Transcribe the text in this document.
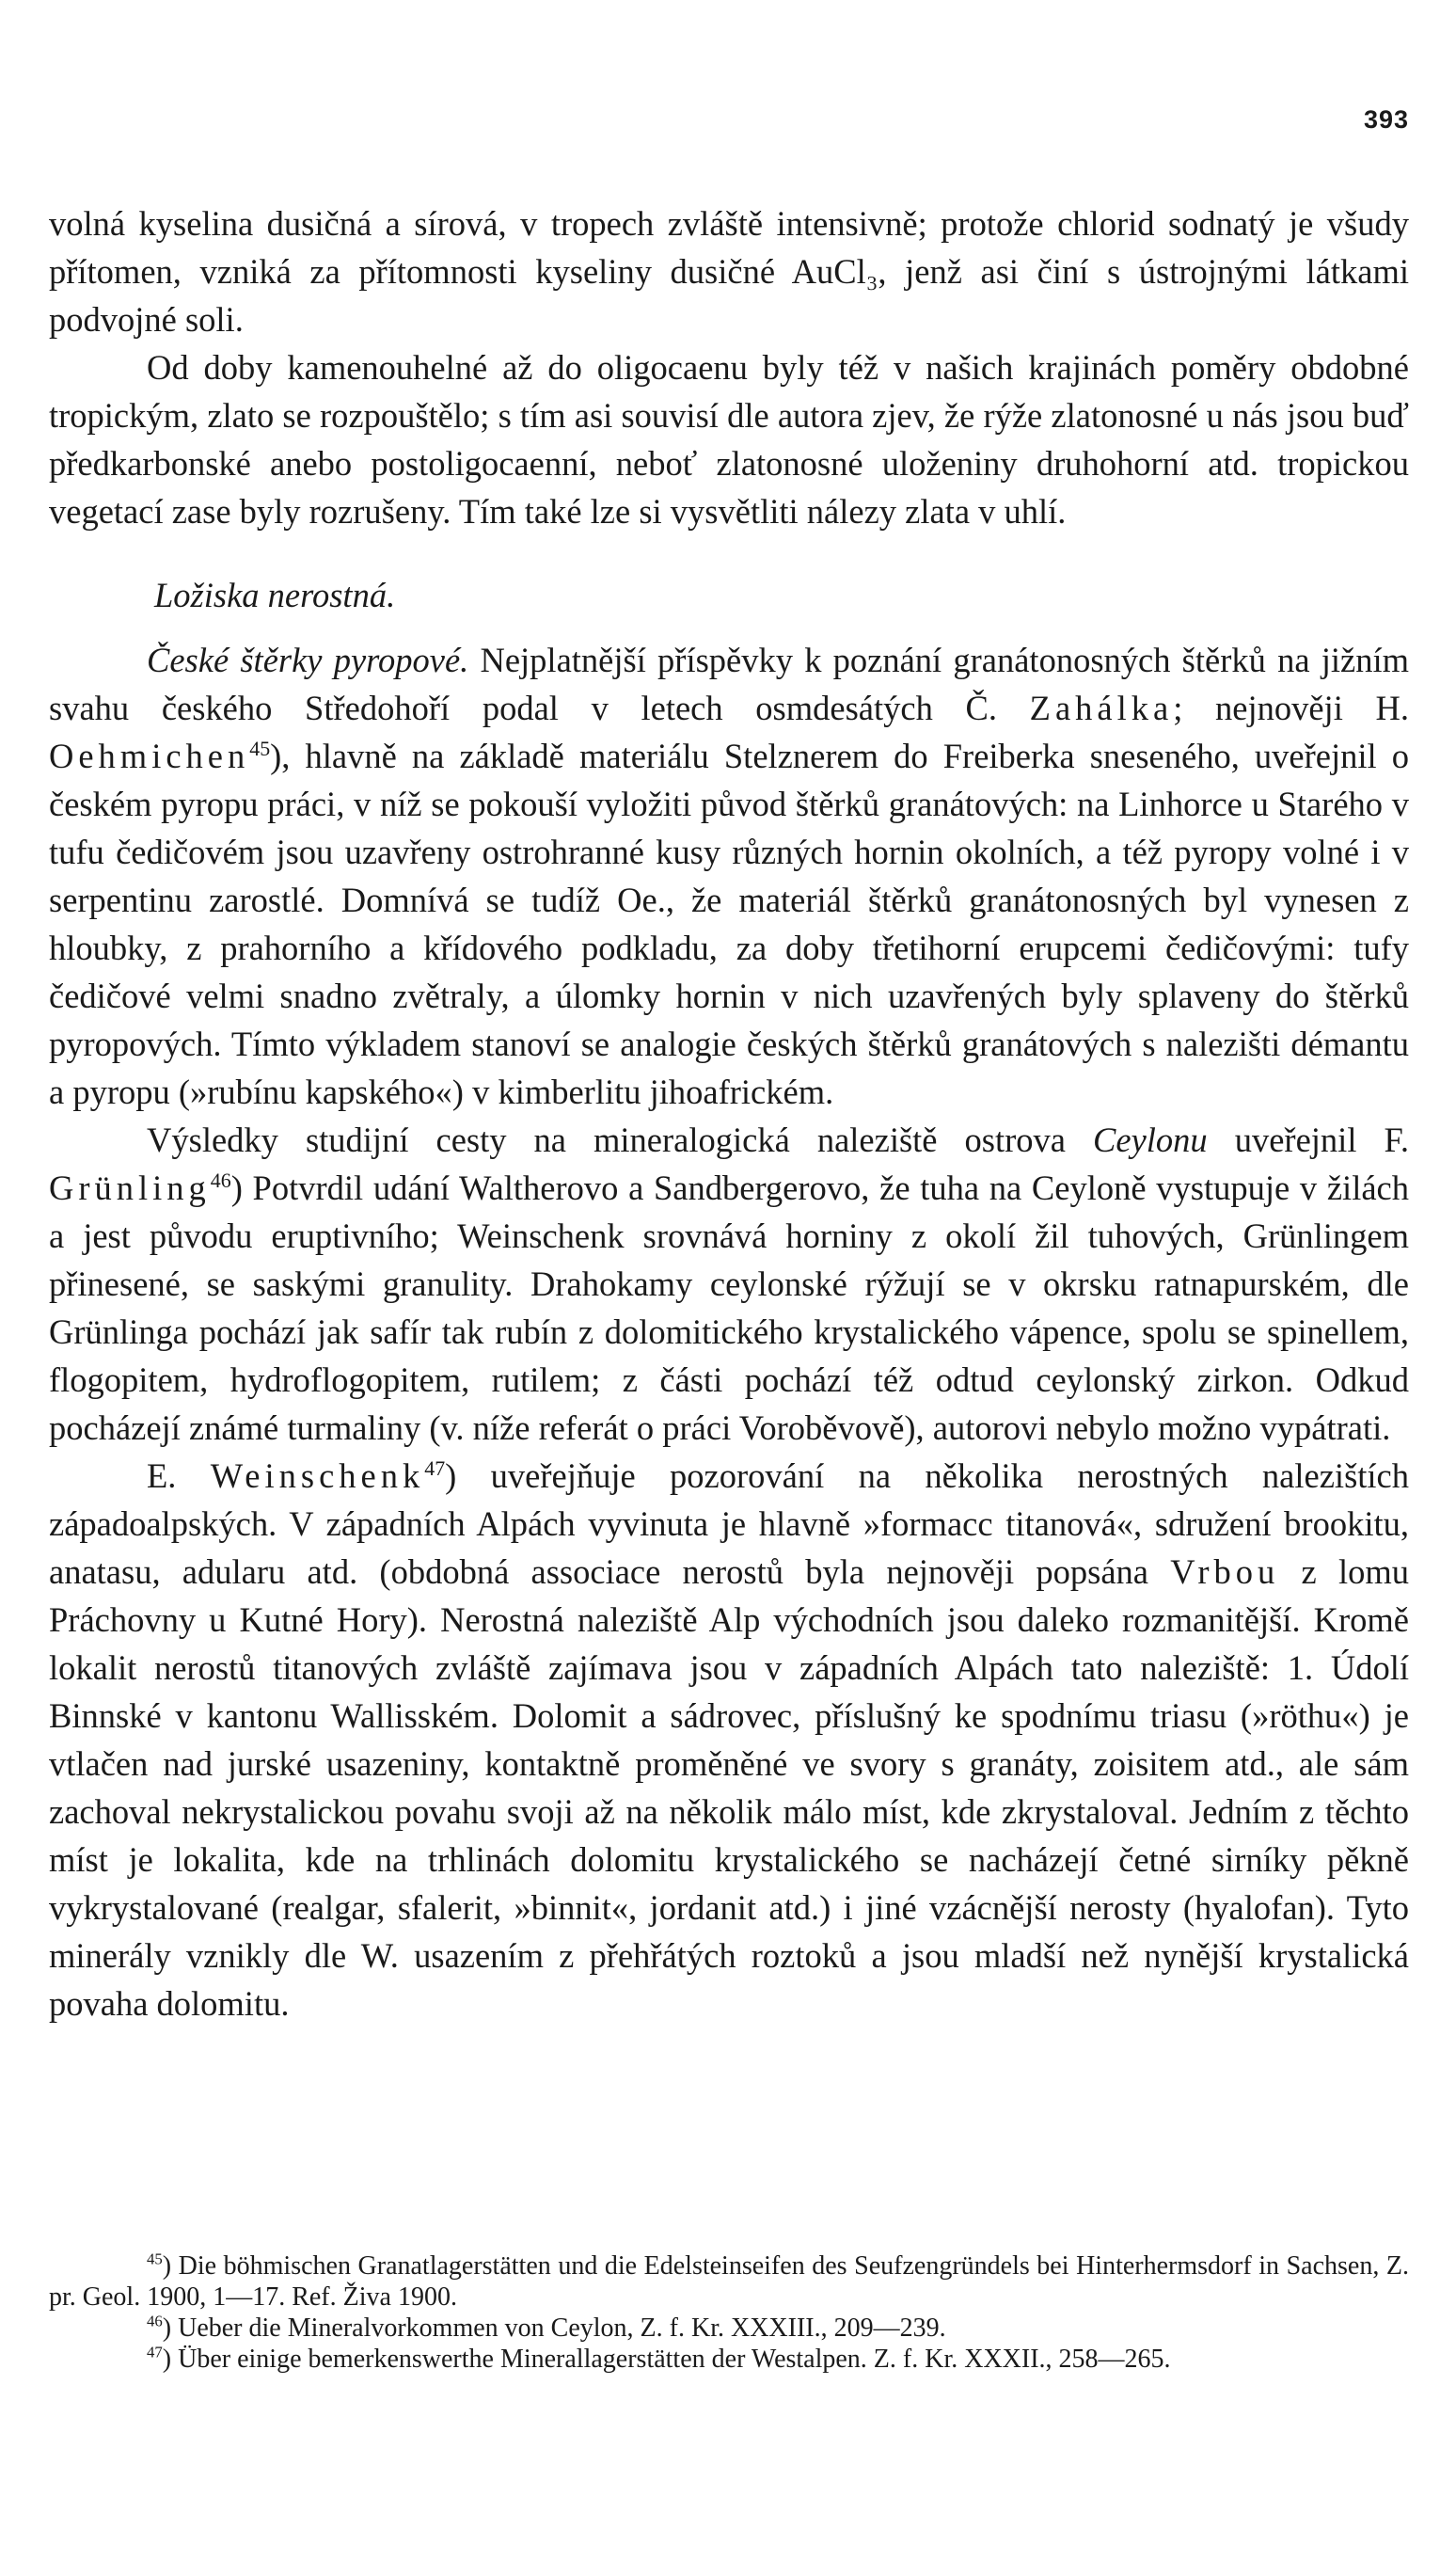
393

volná kyselina dusičná a sírová, v tropech zvláště intensivně; protože chlorid sodnatý je všudy přítomen, vzniká za přítomnosti kyseliny dusičné AuCl₃, jenž asi činí s ústrojnými látkami podvojné soli.

Od doby kamenouhelné až do oligocaenu byly též v našich krajinách poměry obdobné tropickým, zlato se rozpouštělo; s tím asi souvisí dle autora zjev, že rýže zlatonosné u nás jsou buď předkarbonské anebo postoligocaenní, neboť zlatonosné uloženiny druhohorní atd. tropickou vegetací zase byly rozrušeny. Tím také lze si vysvětliti nálezy zlata v uhlí.

Ložiska nerostná.

České štěrky pyropové. Nejplatnější příspěvky k poznání granátonosných štěrků na jižním svahu českého Středohoří podal v letech osmdesátých Č. Zahálka; nejnověji H. Oehmichen$^{45}$), hlavně na základě materiálu Stelznerem do Freiberka sneseného, uveřejnil o českém pyropu práci, v níž se pokouší vyložiti původ štěrků granátových: na Linhorce u Starého v tufu čedičovém jsou uzavřeny ostrohranné kusy různých hornin okolních, a též pyropy volné i v serpentinu zarostlé. Domnívá se tudíž Oe., že materiál štěrků granátonosných byl vynesen z hloubky, z prahorního a křídového podkladu, za doby třetihorní erupcemi čedičovými: tufy čedičové velmi snadno zvětraly, a úlomky hornin v nich uzavřených byly splaveny do štěrků pyropových. Tímto výkladem stanoví se analogie českých štěrků granátových s nalezišti démantu a pyropu (»rubínu kapského«) v kimberlitu jihoafrickém.

Výsledky studijní cesty na mineralogická naleziště ostrova Ceylonu uveřejnil F. Grünling$^{46}$) Potvrdil udání Waltherovo a Sandbergerovo, že tuha na Ceyloně vystupuje v žilách a jest původu eruptivního; Weinschenk srovnává horniny z okolí žil tuhových, Grünlingem přinesené, se saskými granulity. Drahokamy ceylonské rýžují se v okrsku ratnapurském, dle Grünlinga pochází jak safír tak rubín z dolomitického krystalického vápence, spolu se spinellem, flogopitem, hydroflogopitem, rutilem; z části pochází též odtud ceylonský zirkon. Odkud pocházejí známé turmaliny (v. níže referát o práci Voroběvově), autorovi nebylo možno vypátrati.

E. Weinschenk$^{47}$) uveřejňuje pozorování na několika nerostných nalezištích západoalpských. V západních Alpách vyvinuta je hlavně »formacc titanová«, sdružení brookitu, anatasu, adularu atd. (obdobná associace nerostů byla nejnověji popsána Vrbou z lomu Práchovny u Kutné Hory). Nerostná naleziště Alp východních jsou daleko rozmanitější. Kromě lokalit nerostů titanových zvláště zajímava jsou v západních Alpách tato naleziště: 1. Údolí Binnské v kantonu Wallisském. Dolomit a sádrovec, příslušný ke spodnímu triasu (»röthu«) je vtlačen nad jurské usazeniny, kontaktně proměněné ve svory s granáty, zoisitem atd., ale sám zachoval nekrystalickou povahu svoji až na několik málo míst, kde zkrystaloval. Jedním z těchto míst je lokalita, kde na trhlinách dolomitu krystalického se nacházejí četné sirníky pěkně vykrystalované (realgar, sfalerit, »binnit«, jordanit atd.) i jiné vzácnější nerosty (hyalofan). Tyto minerály vznikly dle W. usazením z přehřátých roztoků a jsou mladší než nynější krystalická povaha dolomitu.

$^{45}$) Die böhmischen Granatlagerstätten und die Edelsteinseifen des Seufzengründels bei Hinterhermsdorf in Sachsen, Z. pr. Geol. 1900, 1—17. Ref. Živa 1900.

$^{46}$) Ueber die Mineralvorkommen von Ceylon, Z. f. Kr. XXXIII., 209—239.

$^{47}$) Über einige bemerkenswerthe Minerallagerstätten der Westalpen. Z. f. Kr. XXXII., 258—265.
